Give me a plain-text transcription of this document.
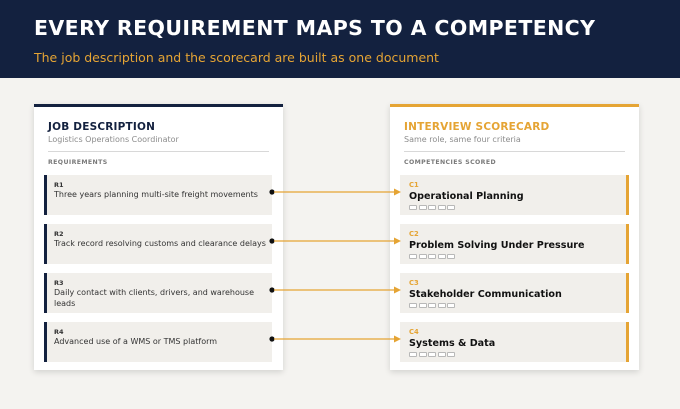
EVERY REQUIREMENT MAPS TO A COMPETENCY
The job description and the scorecard are built as one document
JOB DESCRIPTION
Logistics Operations Coordinator
REQUIREMENTS
R1
Three years planning multi-site freight movements
R2
Track record resolving customs and clearance delays
R3
Daily contact with clients, drivers, and warehouse leads
R4
Advanced use of a WMS or TMS platform
INTERVIEW SCORECARD
Same role, same four criteria
COMPETENCIES SCORED
C1
Operational Planning
C2
Problem Solving Under Pressure
C3
Stakeholder Communication
C4
Systems & Data
